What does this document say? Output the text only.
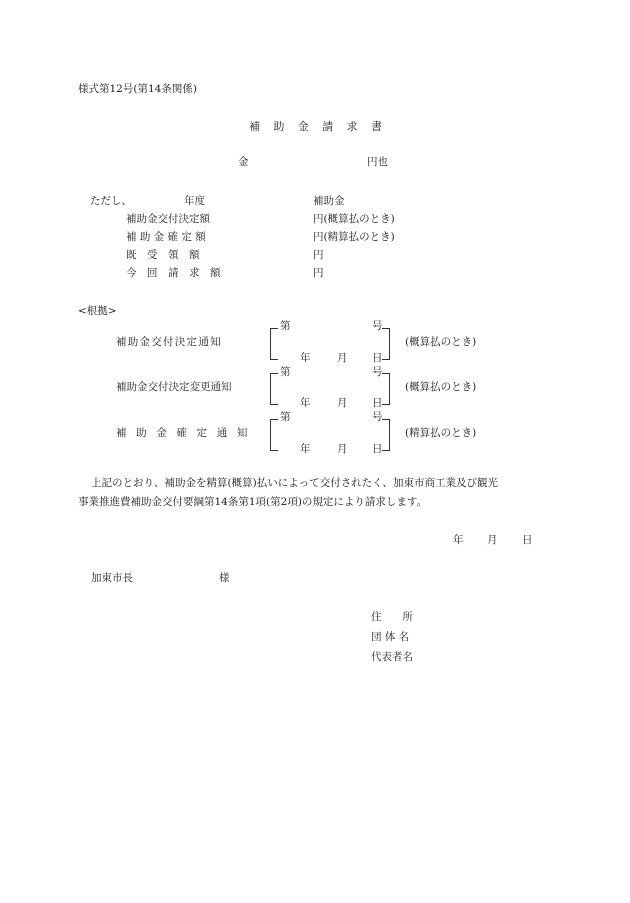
様式第12号(第14条関係)
補 助 金 請 求 書
金	円也
ただし、	年度	補助金
補助金交付決定額	円(概算払のとき)
補 助 金 確 定 額	円(精算払のとき)
既　受　領　額	円
今　回　請　求　額	円
<根拠>
補助金交付決定通知
第	号
年	月 日
(概算払のとき)
補助金交付決定変更通知
第	号
年	月 日
(概算払のとき)
補 助 金 確 定 通 知
第	号
年	月 日
(精算払のとき)
上記のとおり、補助金を精算(概算)払いによって交付されたく、加東市商工業及び観光
事業推進費補助金交付要綱第14条第1項(第2項)の規定により請求します。
年 月 日
加東市長	様
住　　所
団 体 名
代表者名
